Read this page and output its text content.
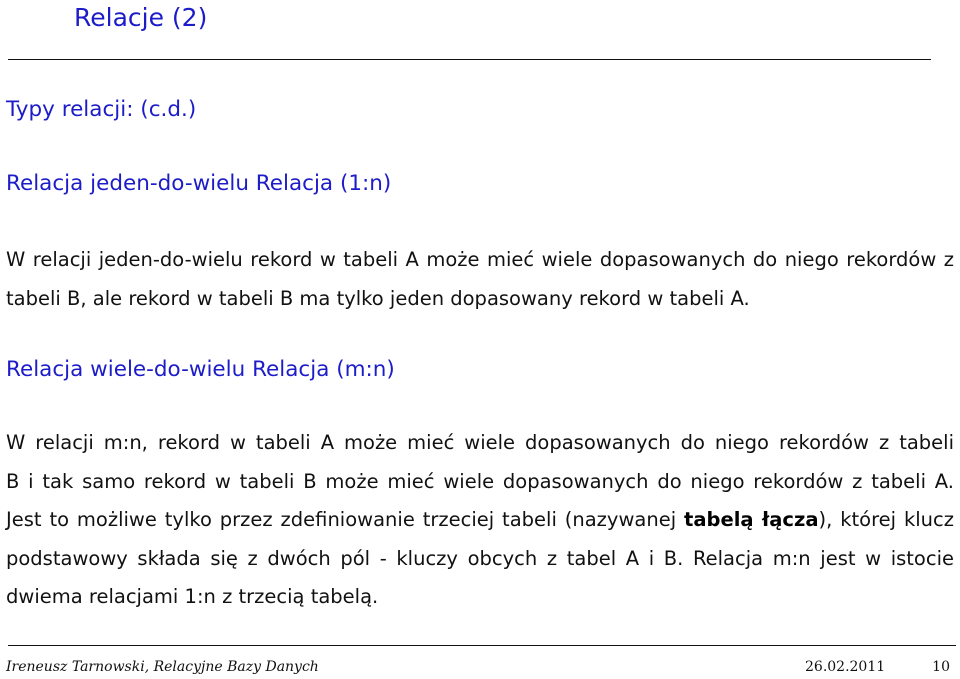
Relacje (2)
Typy relacji: (c.d.)
Relacja jeden-do-wielu Relacja (1:n)
W relacji jeden-do-wielu rekord w tabeli A może mieć wiele dopasowanych do niego rekordów z
tabeli B, ale rekord w tabeli B ma tylko jeden dopasowany rekord w tabeli A.
Relacja wiele-do-wielu Relacja (m:n)
W relacji m:n, rekord w tabeli A może mieć wiele dopasowanych do niego rekordów z tabeli
B i tak samo rekord w tabeli B może mieć wiele dopasowanych do niego rekordów z tabeli A.
Jest to możliwe tylko przez zdefiniowanie trzeciej tabeli (nazywanej tabelą łącza), której klucz
podstawowy składa się z dwóch pól - kluczy obcych z tabel A i B. Relacja m:n jest w istocie
dwiema relacjami 1:n z trzecią tabelą.
Ireneusz Tarnowski, Relacyjne Bazy Danych	26.02.2011	10
